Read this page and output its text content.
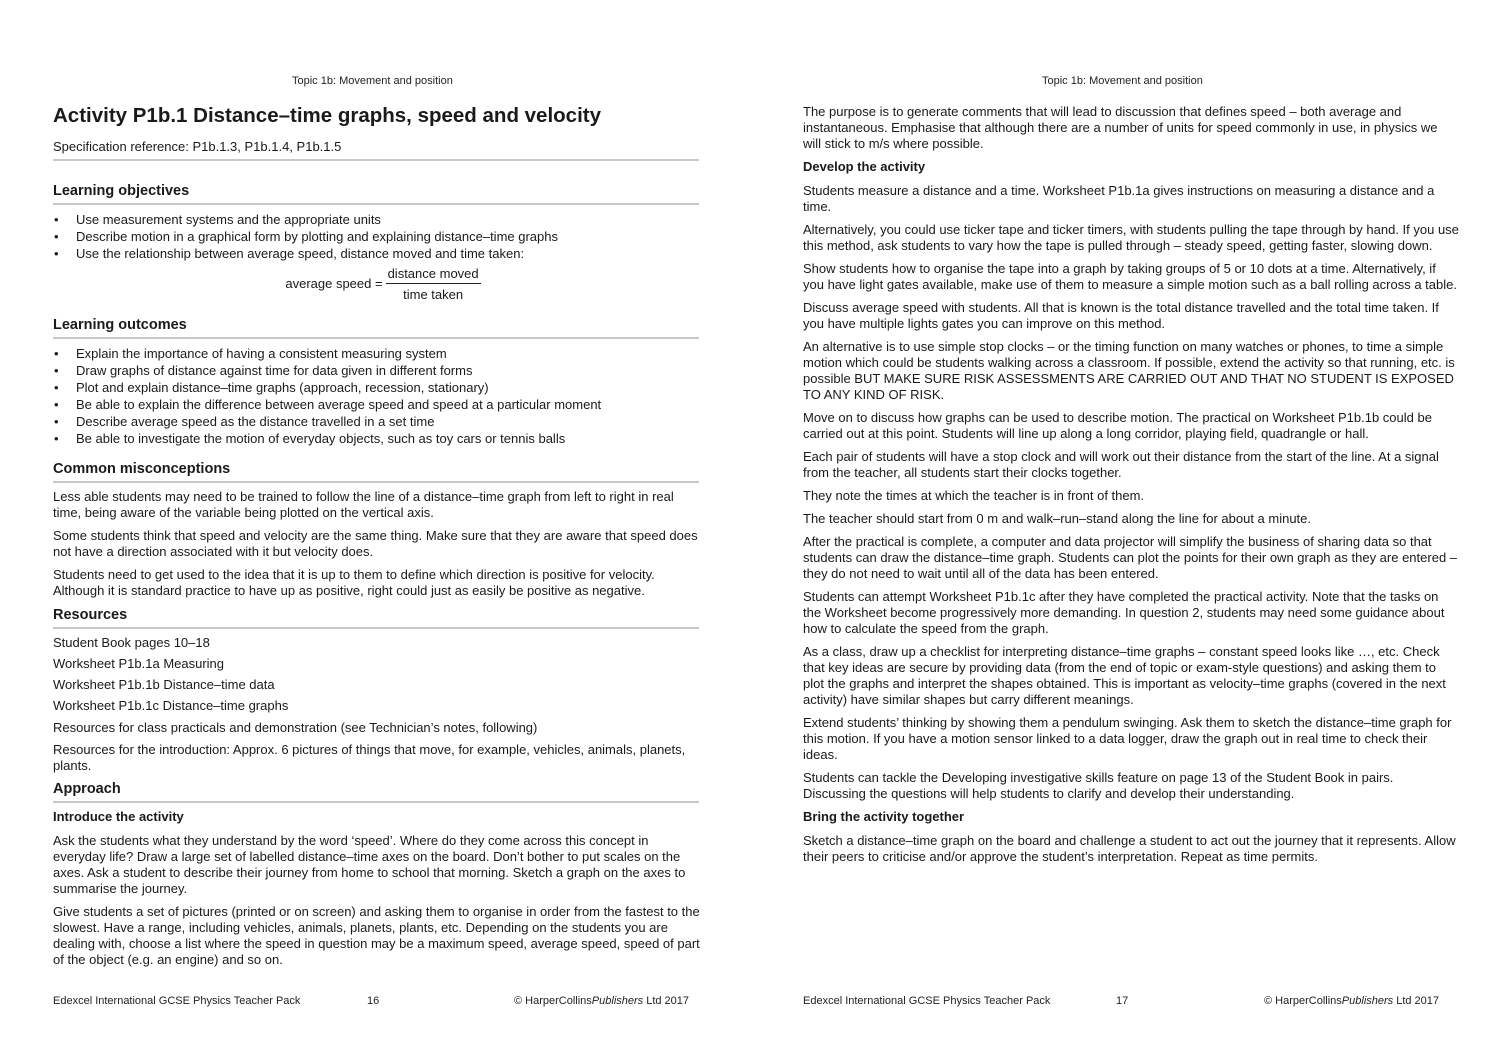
Topic 1b: Movement and position
Activity P1b.1 Distance–time graphs, speed and velocity

Specification reference: P1b.1.3, P1b.1.4, P1b.1.5

Learning objectives
• Use measurement systems and the appropriate units
• Describe motion in a graphical form by plotting and explaining distance–time graphs
• Use the relationship between average speed, distance moved and time taken:
average speed = $\frac{\text{distance moved}}{\text{time taken}}$
Learning outcomes
• Explain the importance of having a consistent measuring system
• Draw graphs of distance against time for data given in different forms
• Plot and explain distance–time graphs (approach, recession, stationary)
• Be able to explain the difference between average speed and speed at a particular moment
• Describe average speed as the distance travelled in a set time
• Be able to investigate the motion of everyday objects, such as toy cars or tennis balls
Common misconceptions

Less able students may need to be trained to follow the line of a distance–time graph from left to right in real time, being aware of the variable being plotted on the vertical axis.

Some students think that speed and velocity are the same thing. Make sure that they are aware that speed does not have a direction associated with it but velocity does.

Students need to get used to the idea that it is up to them to define which direction is positive for velocity. Although it is standard practice to have up as positive, right could just as easily be positive as negative.

Resources

Student Book pages 10–18

Worksheet P1b.1a Measuring

Worksheet P1b.1b Distance–time data

Worksheet P1b.1c Distance–time graphs

Resources for class practicals and demonstration (see Technician’s notes, following)

Resources for the introduction: Approx. 6 pictures of things that move, for example, vehicles, animals, planets, plants.

Approach
Introduce the activity

Ask the students what they understand by the word ‘speed’. Where do they come across this concept in everyday life? Draw a large set of labelled distance–time axes on the board. Don’t bother to put scales on the axes. Ask a student to describe their journey from home to school that morning. Sketch a graph on the axes to summarise the journey.

Give students a set of pictures (printed or on screen) and asking them to organise in order from the fastest to the slowest. Have a range, including vehicles, animals, planets, plants, etc. Depending on the students you are dealing with, choose a list where the speed in question may be a maximum speed, average speed, speed of part of the object (e.g. an engine) and so on.

Edexcel International GCSE Physics Teacher Pack	16	© HarperCollinsPublishers Ltd 2017
Topic 1b: Movement and position

The purpose is to generate comments that will lead to discussion that defines speed – both average and instantaneous. Emphasise that although there are a number of units for speed commonly in use, in physics we will stick to m/s where possible.

Develop the activity

Students measure a distance and a time. Worksheet P1b.1a gives instructions on measuring a distance and a time.

Alternatively, you could use ticker tape and ticker timers, with students pulling the tape through by hand. If you use this method, ask students to vary how the tape is pulled through – steady speed, getting faster, slowing down.

Show students how to organise the tape into a graph by taking groups of 5 or 10 dots at a time. Alternatively, if you have light gates available, make use of them to measure a simple motion such as a ball rolling across a table.

Discuss average speed with students. All that is known is the total distance travelled and the total time taken. If you have multiple lights gates you can improve on this method.

An alternative is to use simple stop clocks – or the timing function on many watches or phones, to time a simple motion which could be students walking across a classroom. If possible, extend the activity so that running, etc. is possible BUT MAKE SURE RISK ASSESSMENTS ARE CARRIED OUT AND THAT NO STUDENT IS EXPOSED TO ANY KIND OF RISK.

Move on to discuss how graphs can be used to describe motion. The practical on Worksheet P1b.1b could be carried out at this point. Students will line up along a long corridor, playing field, quadrangle or hall.

Each pair of students will have a stop clock and will work out their distance from the start of the line. At a signal from the teacher, all students start their clocks together.

They note the times at which the teacher is in front of them.

The teacher should start from 0 m and walk–run–stand along the line for about a minute.

After the practical is complete, a computer and data projector will simplify the business of sharing data so that students can draw the distance–time graph. Students can plot the points for their own graph as they are entered – they do not need to wait until all of the data has been entered.

Students can attempt Worksheet P1b.1c after they have completed the practical activity. Note that the tasks on the Worksheet become progressively more demanding. In question 2, students may need some guidance about how to calculate the speed from the graph.

As a class, draw up a checklist for interpreting distance–time graphs – constant speed looks like …, etc. Check that key ideas are secure by providing data (from the end of topic or exam-style questions) and asking them to plot the graphs and interpret the shapes obtained. This is important as velocity–time graphs (covered in the next activity) have similar shapes but carry different meanings.

Extend students’ thinking by showing them a pendulum swinging. Ask them to sketch the distance–time graph for this motion. If you have a motion sensor linked to a data logger, draw the graph out in real time to check their ideas.

Students can tackle the Developing investigative skills feature on page 13 of the Student Book in pairs. Discussing the questions will help students to clarify and develop their understanding.

Bring the activity together

Sketch a distance–time graph on the board and challenge a student to act out the journey that it represents. Allow their peers to criticise and/or approve the student’s interpretation. Repeat as time permits.

Edexcel International GCSE Physics Teacher Pack	17	© HarperCollinsPublishers Ltd 2017
